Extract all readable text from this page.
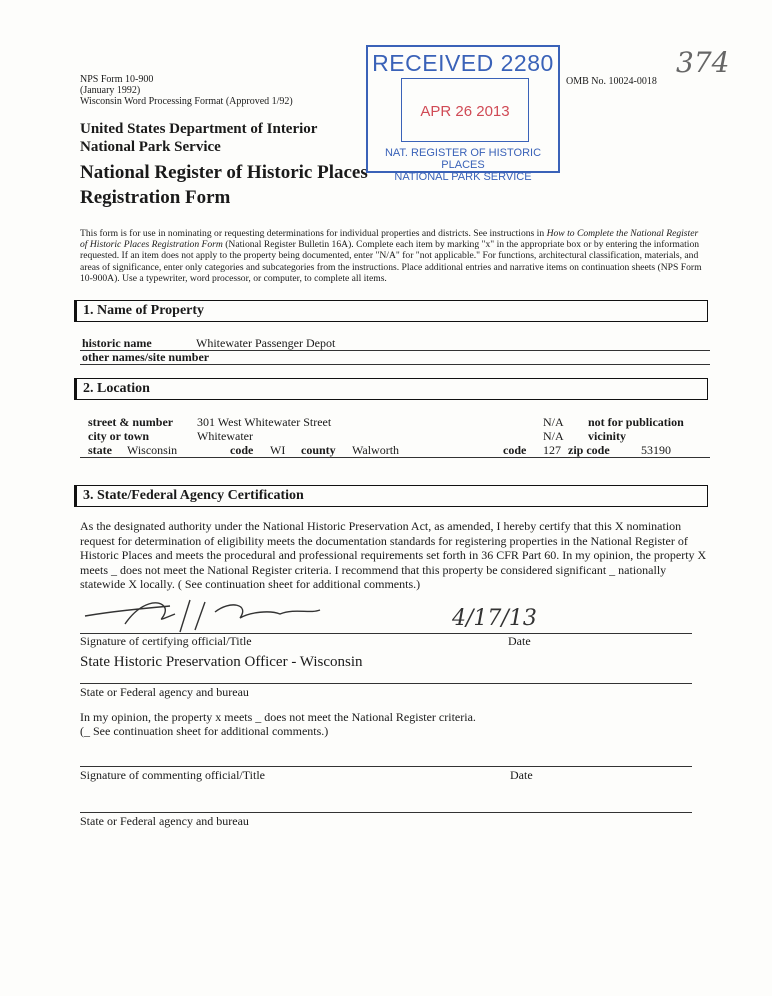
NPS Form 10-900
(January 1992)
Wisconsin Word Processing Format (Approved 1/92)
OMB No. 10024-0018
374
United States Department of Interior
National Park Service
National Register of Historic Places
Registration Form
RECEIVED 2280
APR 26 2013
NAT. REGISTER OF HISTORIC PLACES
NATIONAL PARK SERVICE
This form is for use in nominating or requesting determinations for individual properties and districts. See instructions in How to Complete the National Register of Historic Places Registration Form (National Register Bulletin 16A). Complete each item by marking "x" in the appropriate box or by entering the information requested. If an item does not apply to the property being documented, enter "N/A" for "not applicable." For functions, architectural classification, materials, and areas of significance, enter only categories and subcategories from the instructions. Place additional entries and narrative items on continuation sheets (NPS Form 10-900A). Use a typewriter, word processor, or computer, to complete all items.
1. Name of Property
historic name	Whitewater Passenger Depot
other names/site number
2. Location
street & number 301 West Whitewater Street	N/A not for publication
city or town	Whitewater	N/A vicinity
state Wisconsin	code WI county Walworth	code 127 zip code	53190
3. State/Federal Agency Certification
As the designated authority under the National Historic Preservation Act, as amended, I hereby certify that this X nomination request for determination of eligibility meets the documentation standards for registering properties in the National Register of Historic Places and meets the procedural and professional requirements set forth in 36 CFR Part 60. In my opinion, the property X meets _ does not meet the National Register criteria. I recommend that this property be considered significant _ nationally statewide X locally. ( See continuation sheet for additional comments.)
4/17/13
Signature of certifying official/Title	Date
State Historic Preservation Officer - Wisconsin
State or Federal agency and bureau
In my opinion, the property x meets _ does not meet the National Register criteria.
(_ See continuation sheet for additional comments.)
Signature of commenting official/Title	Date
State or Federal agency and bureau
